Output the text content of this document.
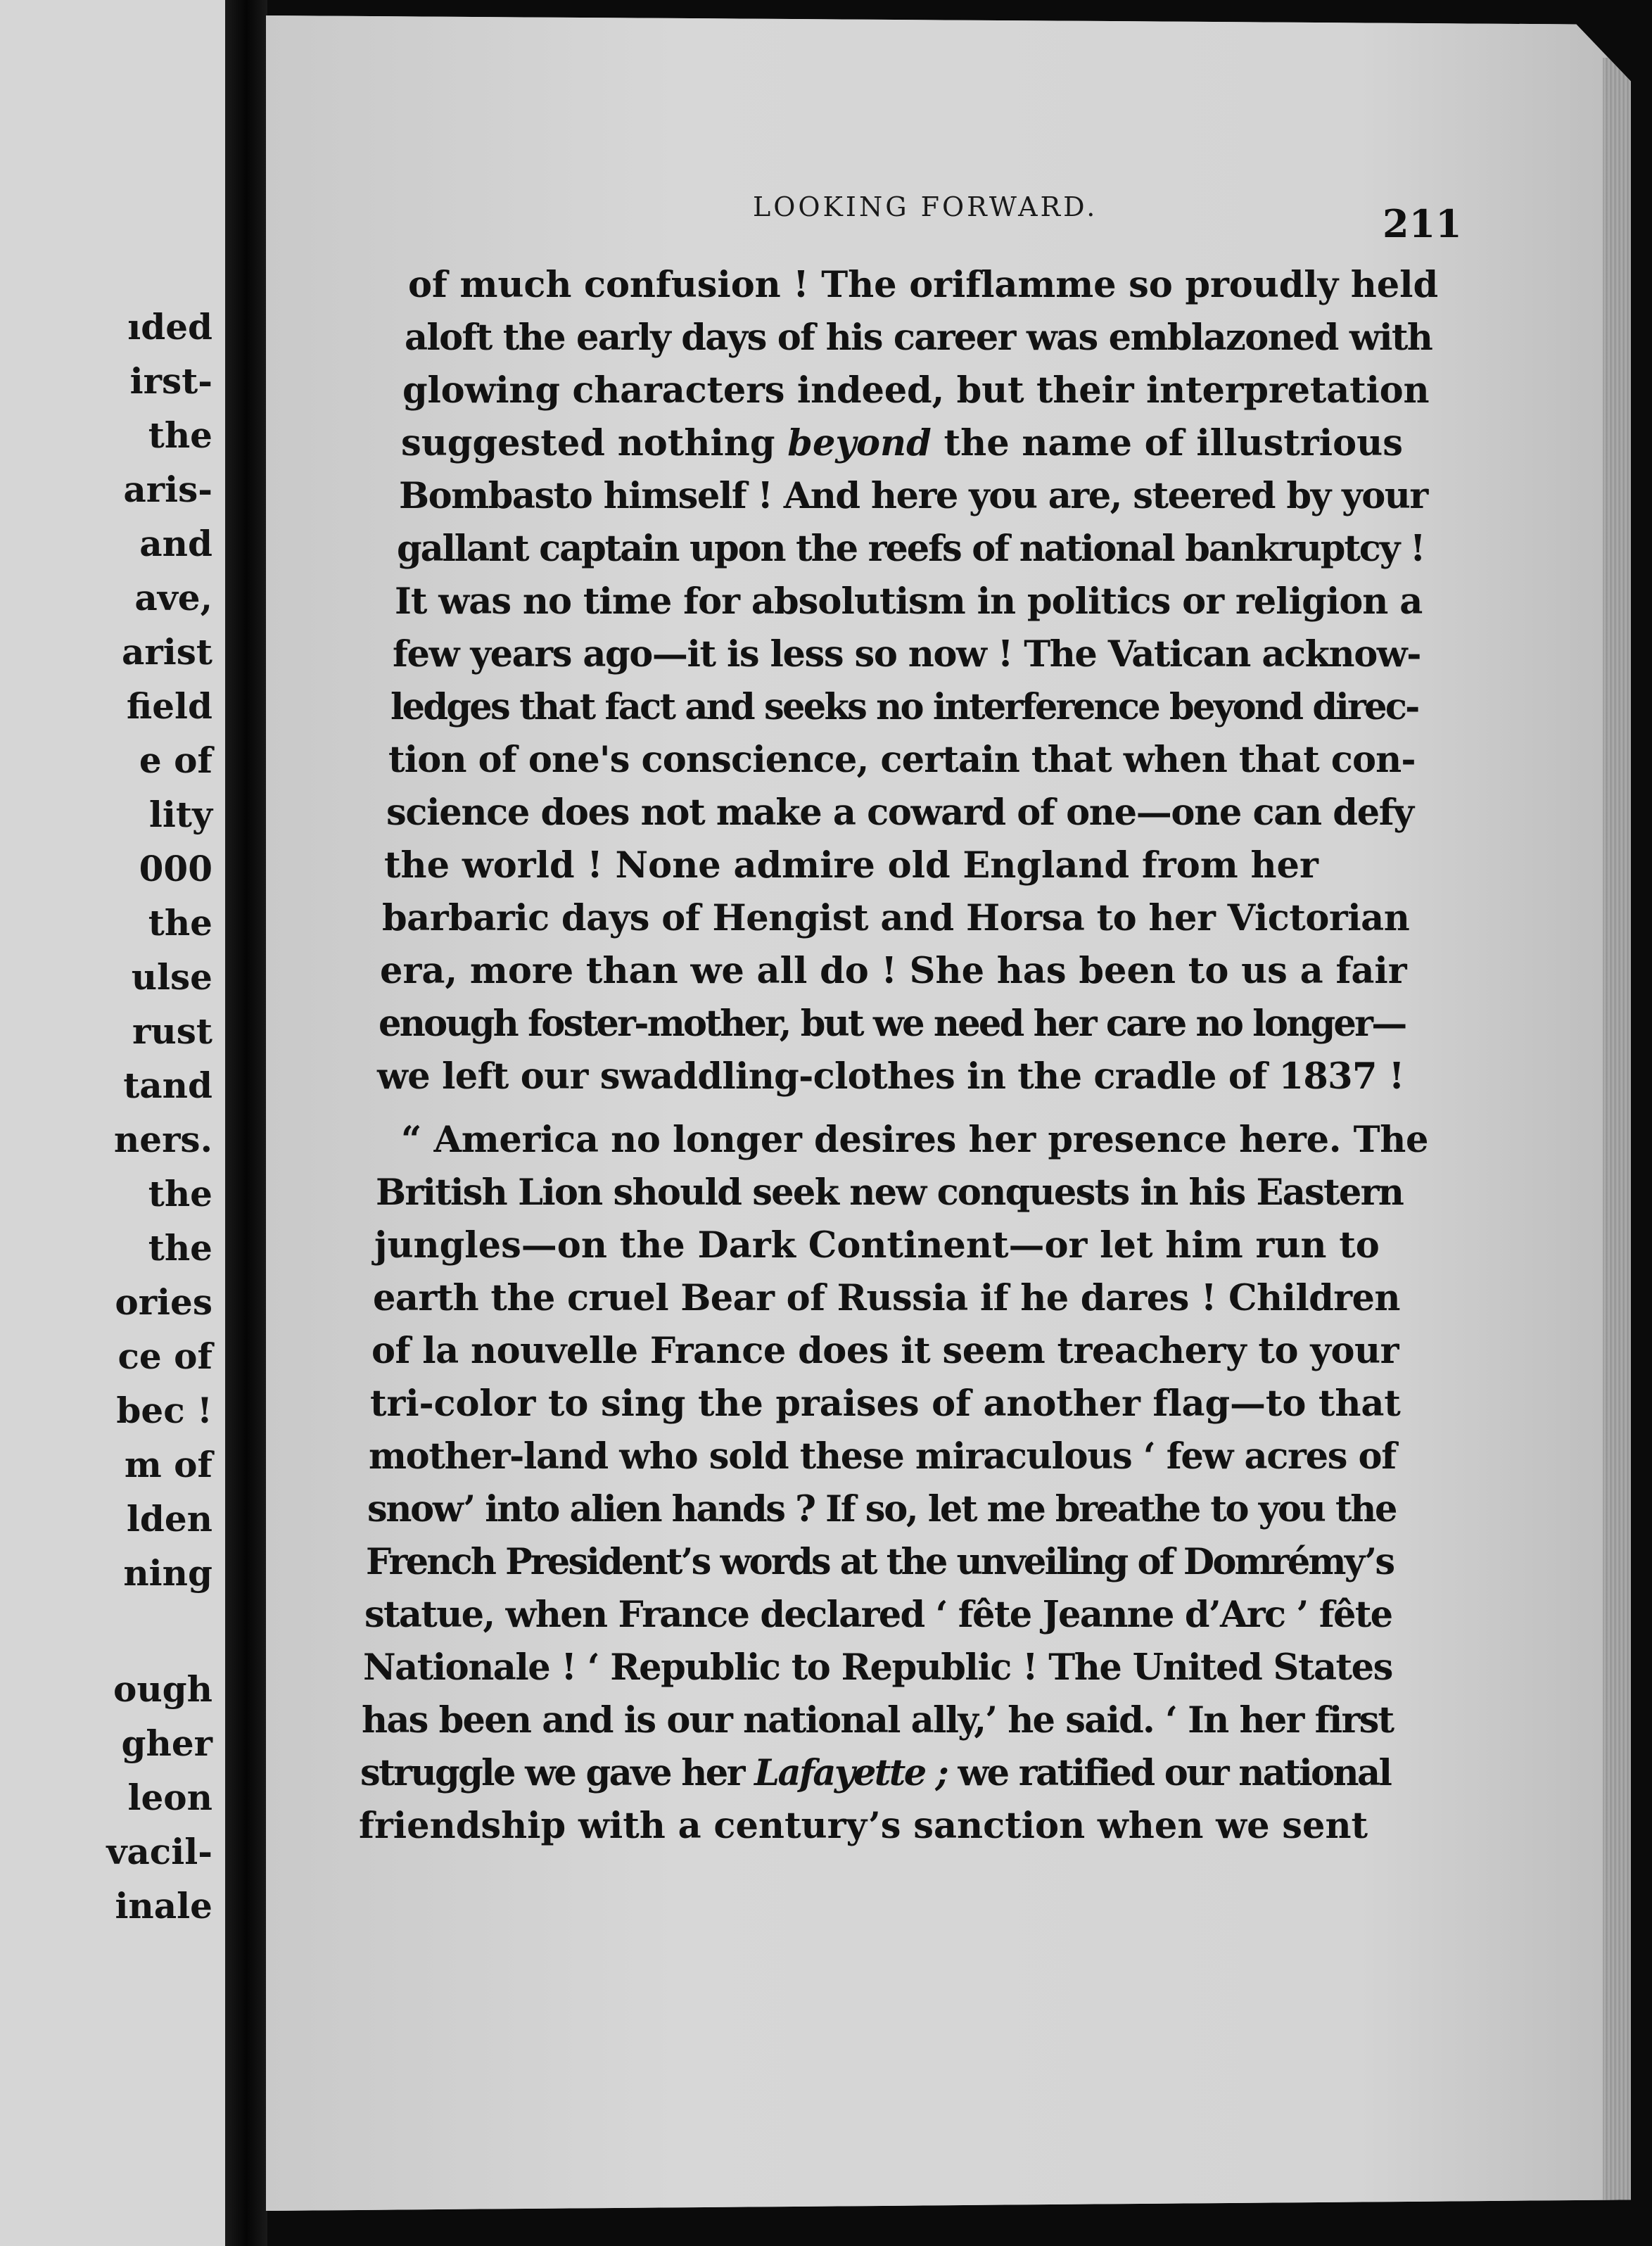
ıded
irst-
the
aris-
and
ave,
arist
field
e of
lity
000
the
ulse
rust
tand
ners.
the
the
ories
ce of
bec !
m of
lden
ning
ough
gher
leon
vacil-
inale
LOOKING FORWARD.	211
of much confusion ! The oriflamme so proudly held
aloft the early days of his career was emblazoned with
glowing characters indeed, but their interpretation
suggested nothing beyond the name of illustrious
Bombasto himself ! And here you are, steered by your
gallant captain upon the reefs of national bankruptcy !
It was no time for absolutism in politics or religion a
few years ago—it is less so now ! The Vatican acknow-
ledges that fact and seeks no interference beyond direc-
tion of one's conscience, certain that when that con-
science does not make a coward of one—one can defy
the world ! None admire old England from her
barbaric days of Hengist and Horsa to her Victorian
era, more than we all do ! She has been to us a fair
enough foster-mother, but we need her care no longer—
we left our swaddling-clothes in the cradle of 1837 !
“ America no longer desires her presence here. The
British Lion should seek new conquests in his Eastern
jungles—on the Dark Continent—or let him run to
earth the cruel Bear of Russia if he dares ! Children
of la nouvelle France does it seem treachery to your
tri-color to sing the praises of another flag—to that
mother-land who sold these miraculous ‘ few acres of
snow’ into alien hands ? If so, let me breathe to you the
French President’s words at the unveiling of Domrémy’s
statue, when France declared ‘ fête Jeanne d’Arc ’ fête
Nationale ! ‘ Republic to Republic ! The United States
has been and is our national ally,’ he said. ‘ In her first
struggle we gave her Lafayette ; we ratified our national
friendship with a century’s sanction when we sent
